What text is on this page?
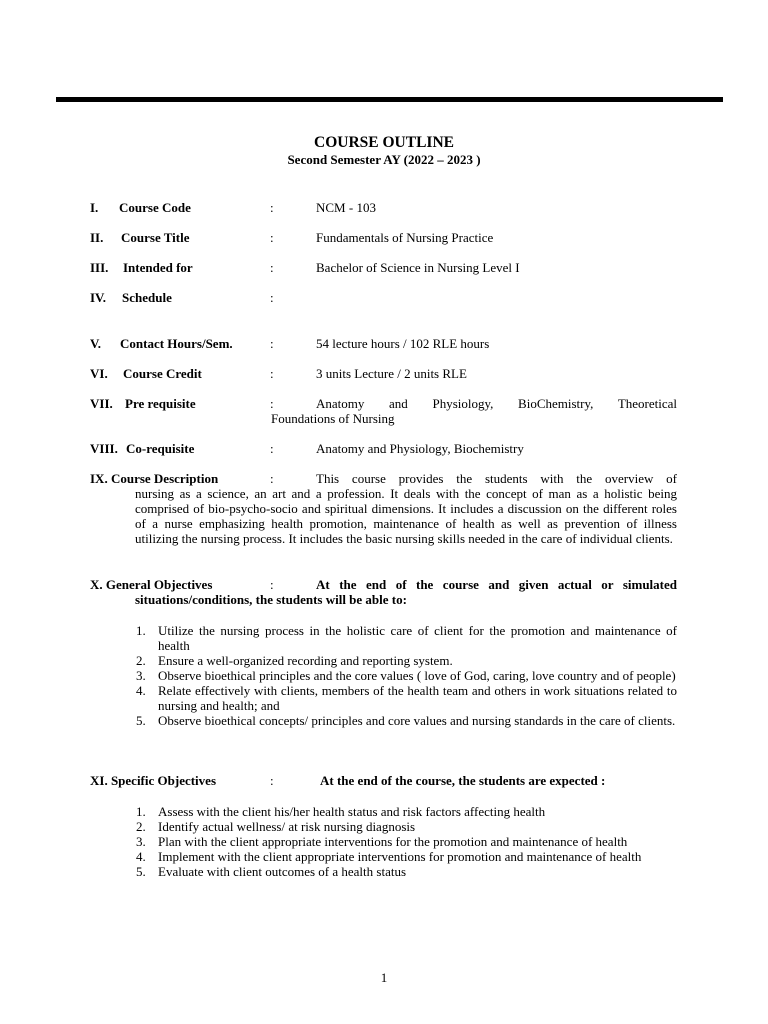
COURSE OUTLINE
Second Semester AY (2022 – 2023 )
I. Course Code	:	NCM - 103
II. Course Title	:	Fundamentals of Nursing Practice
III. Intended for	:	Bachelor of Science in Nursing Level I
IV. Schedule	:
V. Contact Hours/Sem.	:	54 lecture hours / 102 RLE hours
VI. Course Credit	:	3 units Lecture / 2 units RLE
VII. Pre requisite	:	Anatomy and Physiology, BioChemistry, Theoretical
Foundations of Nursing
VIII. Co-requisite	:	Anatomy and Physiology, Biochemistry
IX. Course Description	:	This course provides the students with the overview of
nursing as a science, an art and a profession. It deals with the concept of man as a holistic being comprised of bio-psycho-socio and spiritual dimensions. It includes a discussion on the different roles of a nurse emphasizing health promotion, maintenance of health as well as prevention of illness utilizing the nursing process. It includes the basic nursing skills needed in the care of individual clients.
X. General Objectives	:	At the end of the course and given actual or simulated
situations/conditions, the students will be able to:
1. Utilize the nursing process in the holistic care of client for the promotion and maintenance of health
2. Ensure a well-organized recording and reporting system.
3. Observe bioethical principles and the core values ( love of God, caring, love country and of people)
4. Relate effectively with clients, members of the health team and others in work situations related to nursing and health; and
5. Observe bioethical concepts/ principles and core values and nursing standards in the care of clients.
XI. Specific Objectives	:	At the end of the course, the students are expected :
1. Assess with the client his/her health status and risk factors affecting health
2. Identify actual wellness/ at risk nursing diagnosis
3. Plan with the client appropriate interventions for the promotion and maintenance of health
4. Implement with the client appropriate interventions for promotion and maintenance of health
5. Evaluate with client outcomes of a health status
1
